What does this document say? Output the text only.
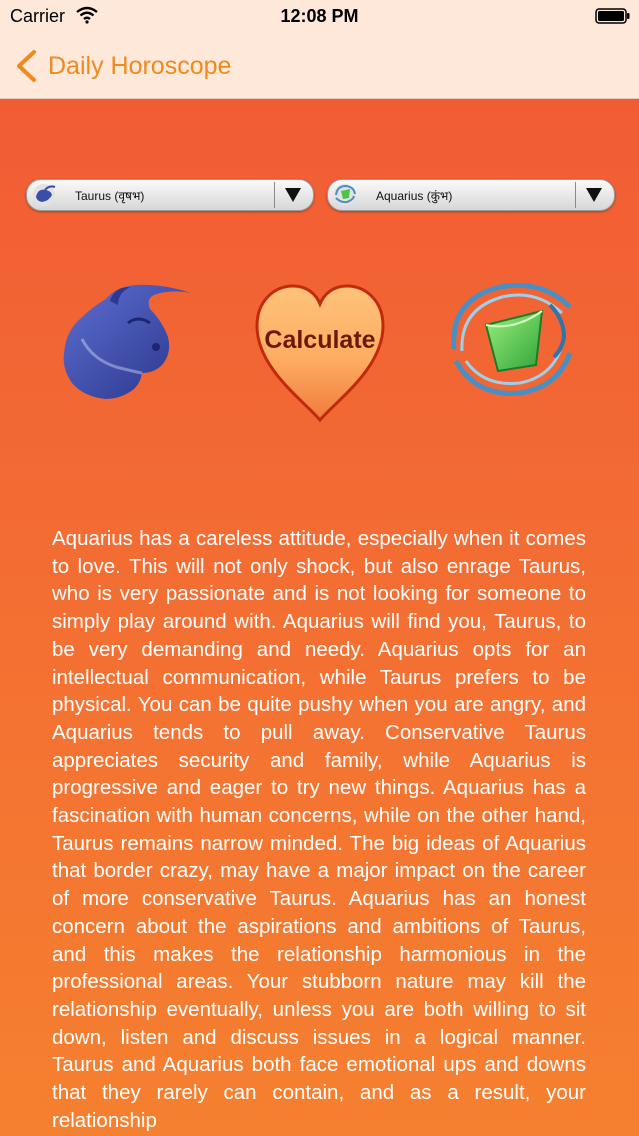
Carrier	12:08 PM
Daily Horoscope
Taurus (वृषभ)	Aquarius (कुंभ)
Calculate

Aquarius has a careless attitude, especially when it comes to love. This will not only shock, but also enrage Taurus, who is very passionate and is not looking for someone to simply play around with. Aquarius will find you, Taurus, to be very demanding and needy. Aquarius opts for an intellectual communication, while Taurus prefers to be physical. You can be quite pushy when you are angry, and Aquarius tends to pull away. Conservative Taurus appreciates security and family, while Aquarius is progressive and eager to try new things. Aquarius has a fascination with human concerns, while on the other hand, Taurus remains narrow minded. The big ideas of Aquarius that border crazy, may have a major impact on the career of more conservative Taurus. Aquarius has an honest concern about the aspirations and ambitions of Taurus, and this makes the relationship harmonious in the professional areas. Your stubborn nature may kill the relationship eventually, unless you are both willing to sit down, listen and discuss issues in a logical manner. Taurus and Aquarius both face emotional ups and downs that they rarely can contain, and as a result, your relationship
